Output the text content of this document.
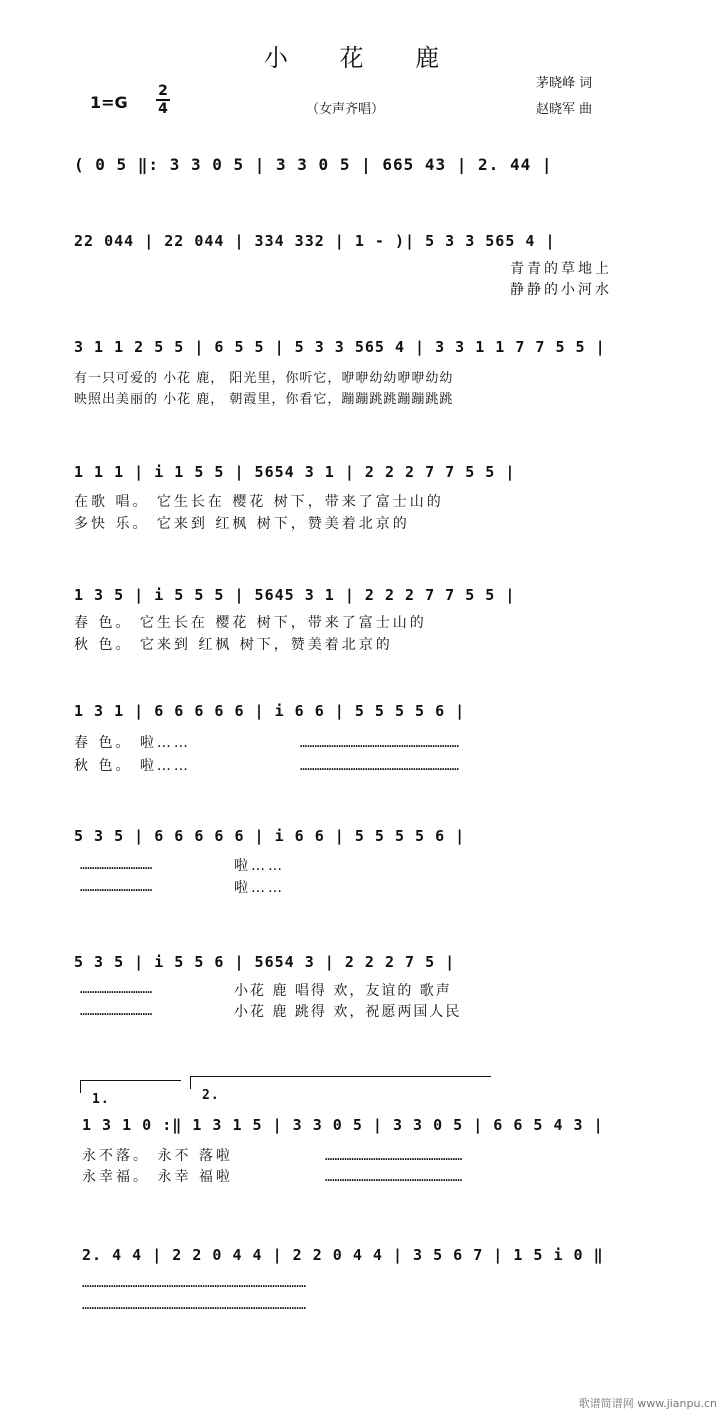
小 花 鹿
茅晓峰 词
赵晓军 曲
1=G
2
4	（女声齐唱）
( 0 5 ‖: 3 3 0 5 | 3 3 0 5 | 665 43 | 2. 44 |
22 044 | 22 044 | 334 332 | 1 - )| 5 3 3 565 4 |
青青的草地上
静静的小河水
3 1 1 2 5 5 | 6 5 5 | 5 3 3 565 4 | 3 3 1 1 7 7 5 5 |
有一只可爱的 小花 鹿， 阳光里，你听它，咿咿幼幼咿咿幼幼
映照出美丽的 小花 鹿， 朝霞里，你看它，蹦蹦跳跳蹦蹦跳跳
1 1 1 | i 1 5 5 | 5654 3 1 | 2 2 2 7 7 5 5 |
在歌 唱。 它生长在 樱花 树下，带来了富士山的
多快 乐。 它来到 红枫 树下，赞美着北京的
1 3 5 | i 5 5 5 | 5645 3 1 | 2 2 2 7 7 5 5 |
春 色。 它生长在 樱花 树下，带来了富士山的
秋 色。 它来到 红枫 树下，赞美着北京的
1 3 1 | 6 6 6 6 6 | i 6 6 | 5 5 5 5 6 |
春 色。 啦……
秋 色。 啦……
…………………………………………………………
…………………………………………………………
5 3 5 | 6 6 6 6 6 | i 6 6 | 5 5 5 5 6 |
…………………………
…………………………
啦……
啦……
5 3 5 | i 5 5 6 | 5654 3 | 2 2 2 7 5 |
…………………………
…………………………
小花 鹿 唱得 欢，友谊的 歌声
小花 鹿 跳得 欢，祝愿两国人民
1.	2.
1 3 1 0 :‖ 1 3 1 5 | 3 3 0 5 | 3 3 0 5 | 6 6 5 4 3 |
永不落。 永不 落啦
永幸福。 永幸 福啦
…………………………………………………
…………………………………………………
2. 4 4 | 2 2 0 4 4 | 2 2 0 4 4 | 3 5 6 7 | 1 5 i 0 ‖
…………………………………………………………………………………
…………………………………………………………………………………
歌谱简谱网 www.jianpu.cn
